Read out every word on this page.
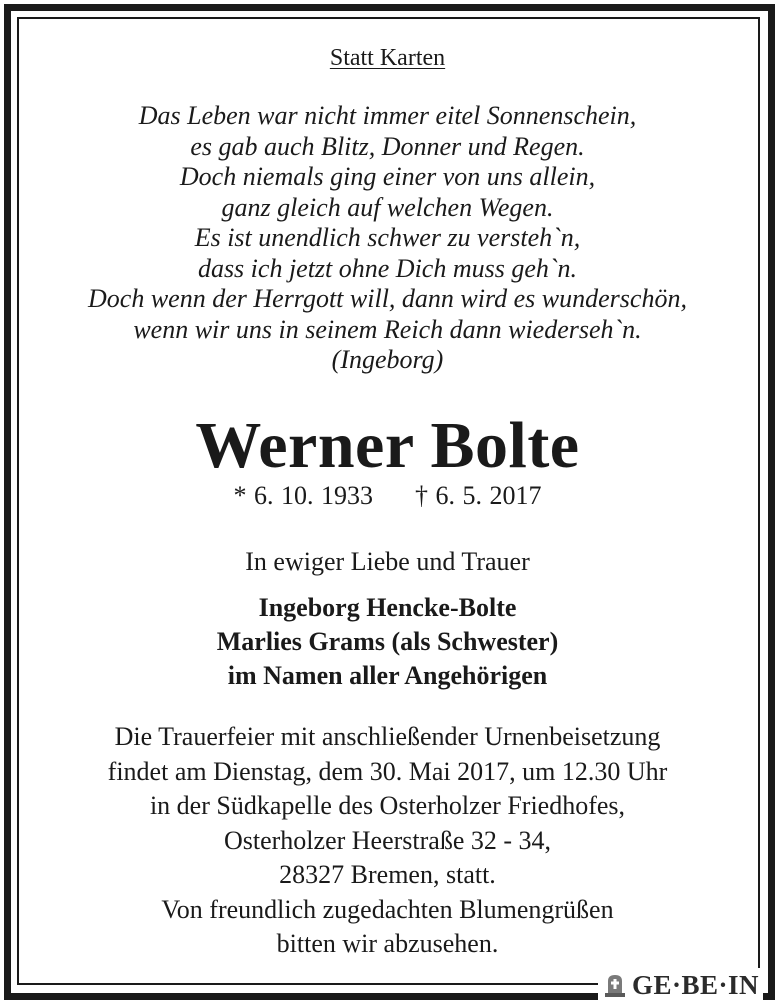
Statt Karten
Das Leben war nicht immer eitel Sonnenschein,
es gab auch Blitz, Donner und Regen.
Doch niemals ging einer von uns allein,
ganz gleich auf welchen Wegen.
Es ist unendlich schwer zu versteh`n,
dass ich jetzt ohne Dich muss geh`n.
Doch wenn der Herrgott will, dann wird es wunderschön,
wenn wir uns in seinem Reich dann wiederseh`n.
(Ingeborg)
Werner Bolte
* 6. 10. 1933 † 6. 5. 2017
In ewiger Liebe und Trauer
Ingeborg Hencke-Bolte
Marlies Grams (als Schwester)
im Namen aller Angehörigen
Die Trauerfeier mit anschließender Urnenbeisetzung
findet am Dienstag, dem 30. Mai 2017, um 12.30 Uhr
in der Südkapelle des Osterholzer Friedhofes,
Osterholzer Heerstraße 32 - 34,
28327 Bremen, statt.
Von freundlich zugedachten Blumengrüßen
bitten wir abzusehen.
GE·BE·IN
